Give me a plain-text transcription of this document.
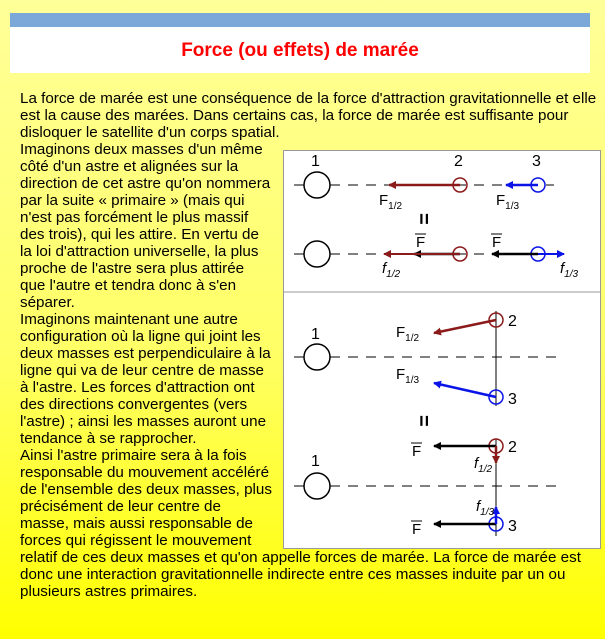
Force (ou effets) de marée

La force de marée est une conséquence de la force d'attraction gravitationnelle et elle est la cause des marées. Dans certains cas, la force de marée est suffisante pour disloquer le satellite d'un corps spatial.

Imaginons deux masses d'un même côté d'un astre et alignées sur la direction de cet astre qu'on nommera par la suite « primaire » (mais qui n'est pas forcément le plus massif des trois), qui les attire. En vertu de la loi d'attraction universelle, la plus proche de l'astre sera plus attirée que l'autre et tendra donc à s'en séparer.

Imaginons maintenant une autre configuration où la ligne qui joint les deux masses est perpendiculaire à la ligne qui va de leur centre de masse à l'astre. Les forces d'attraction ont des directions convergentes (vers l'astre) ; ainsi les masses auront une tendance à se rapprocher.

Ainsi l'astre primaire sera à la fois responsable du mouvement accéléré de l'ensemble des deux masses, plus précisément de leur centre de masse, mais aussi responsable de forces qui régissent le mouvement relatif de ces deux masses et qu'on appelle forces de marée. La force de marée est donc une interaction gravitationnelle indirecte entre ces masses induite par un ou plusieurs astres primaires.

1	2	3
$F_{1/2}$	$F_{1/3}$
=
F	F
$f_{1/2}$	$f_{1/3}$
1
2
3
$F_{1/2}$
$F_{1/3}$
=
1
2
3
F
F
$f_{1/2}$
$f_{1/3}$
